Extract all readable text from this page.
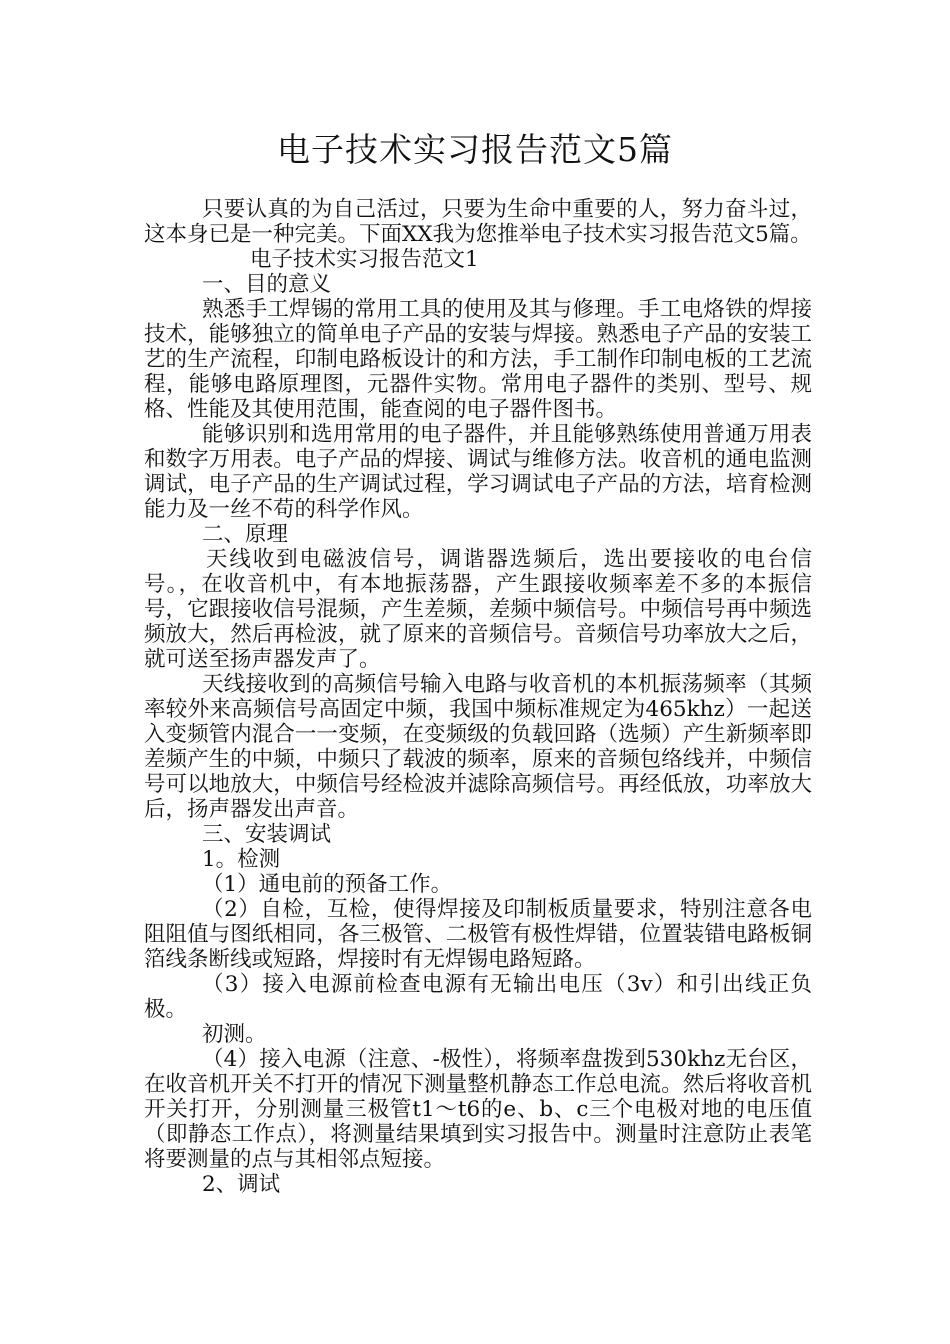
电子技术实习报告范文5篇

只要认真的为自己活过，只要为生命中重要的人，努力奋斗过，这本身已是一种完美。下面XX我为您推举电子技术实习报告范文5篇。

电子技术实习报告范文1

一、目的意义

熟悉手工焊锡的常用工具的使用及其与修理。手工电烙铁的焊接技术，能够独立的简单电子产品的安装与焊接。熟悉电子产品的安装工艺的生产流程，印制电路板设计的和方法，手工制作印制电板的工艺流程，能够电路原理图，元器件实物。常用电子器件的类别、型号、规格、性能及其使用范围，能查阅的电子器件图书。

能够识别和选用常用的电子器件，并且能够熟练使用普通万用表和数字万用表。电子产品的焊接、调试与维修方法。收音机的通电监测调试，电子产品的生产调试过程，学习调试电子产品的方法，培育检测能力及一丝不苟的科学作风。

二、原理

天线收到电磁波信号，调谐器选频后，选出要接收的电台信号。，在收音机中，有本地振荡器，产生跟接收频率差不多的本振信号，它跟接收信号混频，产生差频，差频中频信号。中频信号再中频选频放大，然后再检波，就了原来的音频信号。音频信号功率放大之后，就可送至扬声器发声了。

天线接收到的高频信号输入电路与收音机的本机振荡频率（其频率较外来高频信号高固定中频，我国中频标准规定为465khz）一起送入变频管内混合一一变频，在变频级的负载回路（选频）产生新频率即差频产生的中频，中频只了载波的频率，原来的音频包络线并，中频信号可以地放大，中频信号经检波并滤除高频信号。再经低放，功率放大后，扬声器发出声音。

三、安装调试

1。检测

（1）通电前的预备工作。

（2）自检，互检，使得焊接及印制板质量要求，特别注意各电阻阻值与图纸相同，各三极管、二极管有极性焊错，位置装错电路板铜箔线条断线或短路，焊接时有无焊锡电路短路。

（3）接入电源前检查电源有无输出电压（3v）和引出线正负极。

初测。

（4）接入电源（注意、-极性），将频率盘拨到530khz无台区，在收音机开关不打开的情况下测量整机静态工作总电流。然后将收音机开关打开，分别测量三极管t1～t6的e、b、c三个电极对地的电压值（即静态工作点），将测量结果填到实习报告中。测量时注意防止表笔将要测量的点与其相邻点短接。

2、调试
